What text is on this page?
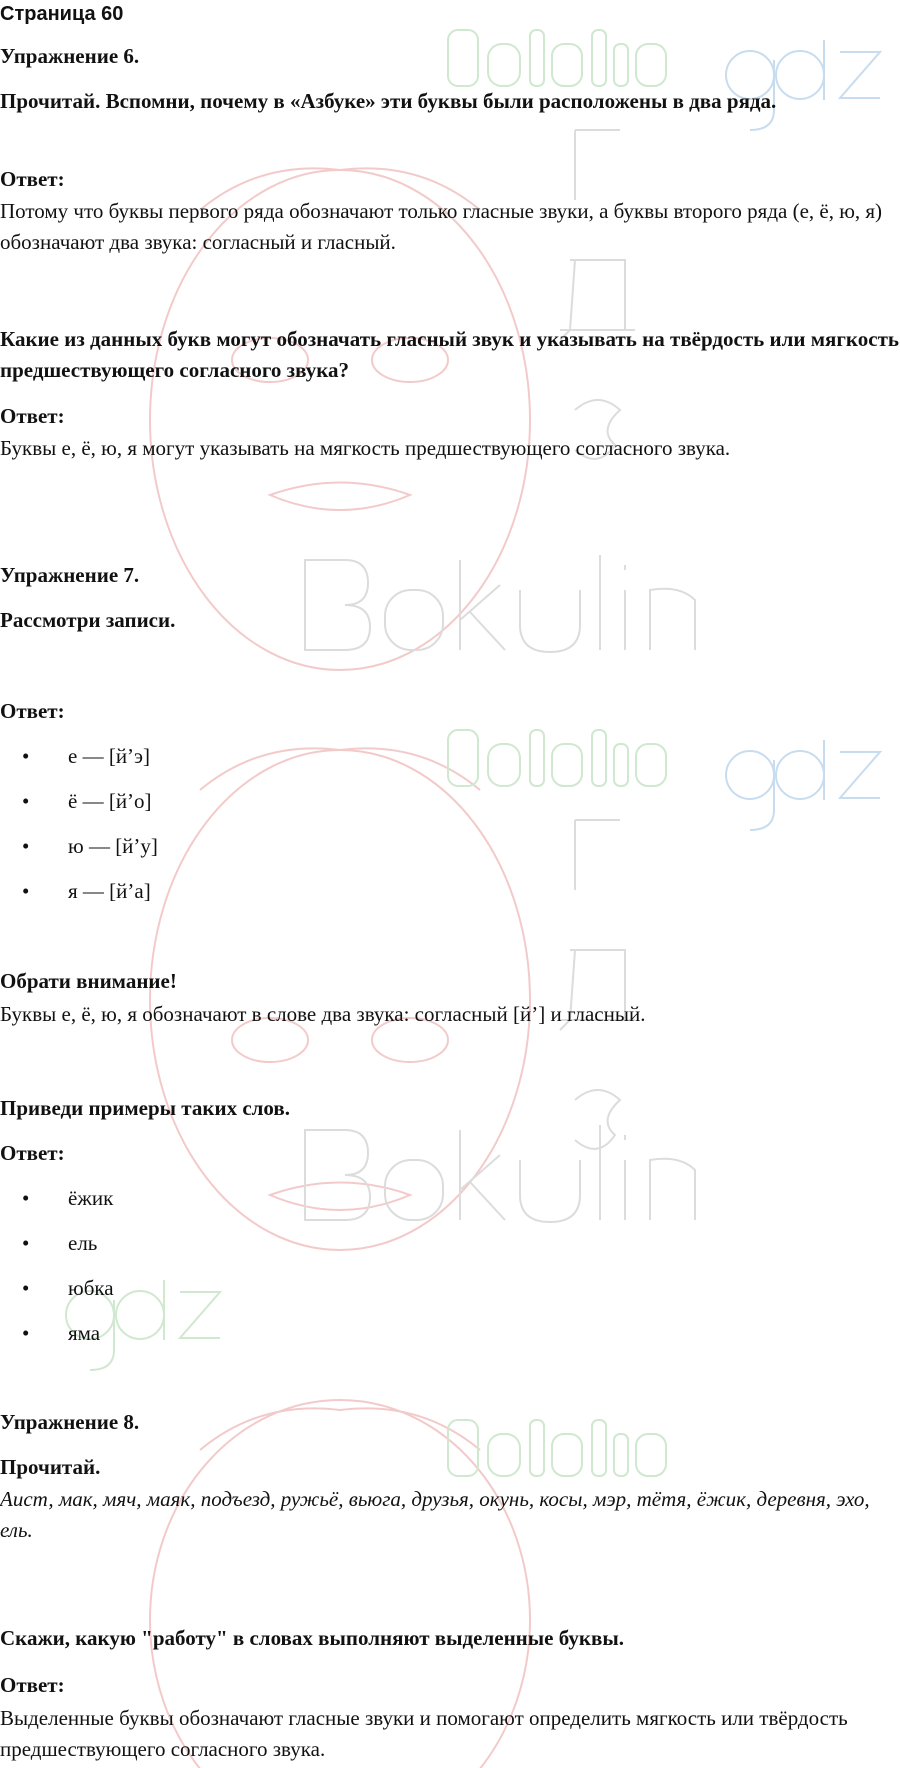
Страница 60
Упражнение 6.
Прочитай. Вспомни, почему в «Азбуке» эти буквы были расположены в два ряда.
Ответ:
Потому что буквы первого ряда обозначают только гласные звуки, а буквы второго ряда (е, ё, ю, я) обозначают два звука: согласный и гласный.
Какие из данных букв могут обозначать гласный звук и указывать на твёрдость или мягкость предшествующего согласного звука?
Ответ:
Буквы е, ё, ю, я могут указывать на мягкость предшествующего согласного звука.
Упражнение 7.
Рассмотри записи.
Ответ:
• е — [й’э]
• ё — [й’о]
• ю — [й’у]
• я — [й’а]
Обрати внимание!
Буквы е, ё, ю, я обозначают в слове два звука: согласный [й’] и гласный.
Приведи примеры таких слов.
Ответ:
• ёжик
• ель
• юбка
• яма
Упражнение 8.
Прочитай.
Аист, мак, мяч, маяк, подъезд, ружьё, вьюга, друзья, окунь, косы, мэр, тётя, ёжик, деревня, эхо, ель.
Скажи, какую "работу" в словах выполняют выделенные буквы.
Ответ:
Выделенные буквы обозначают гласные звуки и помогают определить мягкость или твёрдость предшествующего согласного звука.
